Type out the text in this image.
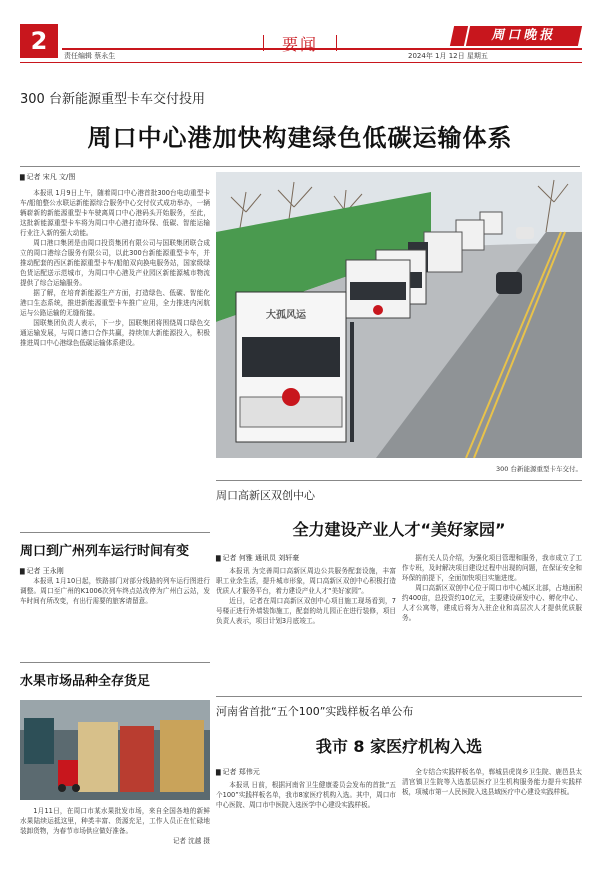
2
责任编辑 蔡永生
要闻	周口晚报
2024年 1月 12日 星期五
300 台新能源重型卡车交付投用
周口中心港加快构建绿色低碳运输体系
▇ 记者 宋凡 文/图

本报讯 1月9日上午，随着周口中心港首批300台电动重型卡车/船舶整公水联运新能源综合服务中心交付仪式成功举办，一辆辆崭新的新能源重型卡车驶离周口中心港码头开始服务，至此，这批新能源重型卡车将为周口中心港打造环保、低碳、智能运输行业注入新的强大动能。

周口港口集团是由周口投资集团有限公司与国联集团联合成立的周口港综合服务有限公司，以此300台新能源重型卡车，并推动配套的西区新能源重型卡车/船舶双向换电服务站，国家级绿色货运配送示范城市，为周口中心港及产业园区新能源城市物流提供了综合运输服务。

据了解，在培育新能源生产方面，打造绿色、低碳、智能化港口生态系统，推进新能源重型卡车推广应用，全力推进内河航运与公路运输的无缝衔接。

国联集团负责人表示，下一步，国联集团将围绕周口绿色交通运输发展，与周口港口合作共赢，持续加大新能源投入，积极推进周口中心港绿色低碳运输体系建设。

大孤风运
300 台新能源重型卡车交付。
周口到广州列车运行时间有变
▇ 记者 王永刚

本报讯 1月10日起，铁路部门对部分线路的列车运行图进行调整。周口至广州的K1006次列车终点站改停为广州白云站，发车时间有所改变，有出行需要的旅客请留意。

水果市场品种全存货足

1月11日，在周口市某水果批发市场，来自全国各地的新鲜水果陆续运抵这里，种类丰富、货源充足，工作人员正在忙碌地装卸货物，为春节市场供应做好准备。

记者 沈越 摄

周口高新区双创中心
全力建设产业人才“美好家园”
▇ 记者 何雅 通讯员 刘轩豪

本报讯 为完善周口高新区周边公共服务配套设施，丰富职工业余生活，提升城市形象，周口高新区双创中心积极打造优质人才服务平台，着力建设产业人才“美好家园”。

近日，记者在周口高新区双创中心项目施工现场看到，7号楼正进行外墙装饰施工，配套的幼儿园正在进行装修，项目负责人表示，项目计划3月底竣工。

据有关人员介绍，为强化项目管理和服务，我市成立了工作专班，及时解决项目建设过程中出现的问题，在保证安全和环保的前提下，全面加快项目实施进度。

周口高新区双创中心位于周口市中心城区北部，占地面积约400亩，总投资约10亿元，主要建设研发中心、孵化中心、人才公寓等，建成后将为入驻企业和高层次人才提供优质服务。

河南省首批“五个100”实践样板名单公布
我市 8 家医疗机构入选
▇ 记者 郑伟元

本报讯 日前，根据河南省卫生健康委员会发布的首批“五个100”实践样板名单，我市8家医疗机构入选。其中，周口市中心医院、周口市中医院入选医学中心建设实践样板。

全专结合实践样板名单，郸城县虎岗乡卫生院、鹿邑县太清宫镇卫生院等入选基层医疗卫生机构服务能力提升实践样板，项城市第一人民医院入选县域医疗中心建设实践样板。
